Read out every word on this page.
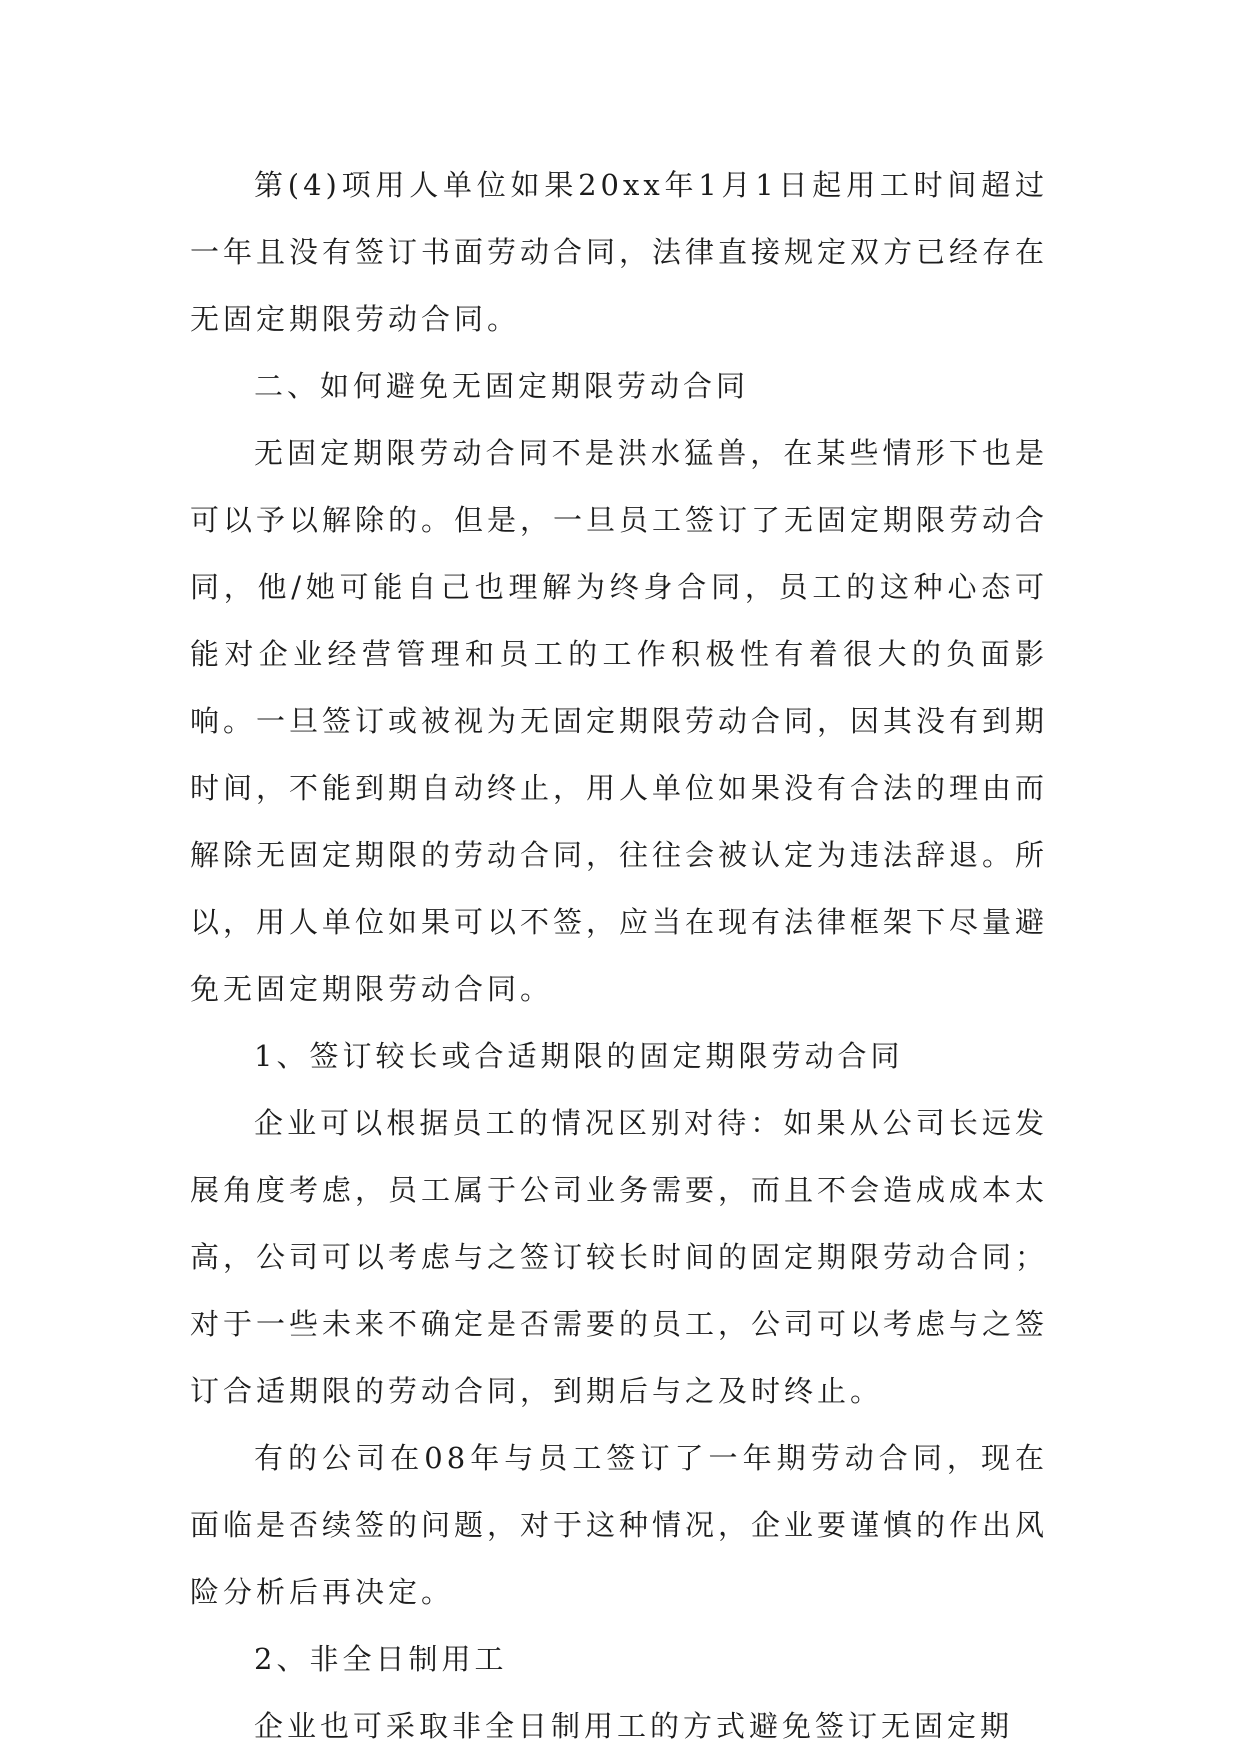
第(4)项用人单位如果20xx年1月1日起用工时间超过一年且没有签订书面劳动合同，法律直接规定双方已经存在无固定期限劳动合同。

二、如何避免无固定期限劳动合同

无固定期限劳动合同不是洪水猛兽，在某些情形下也是可以予以解除的。但是，一旦员工签订了无固定期限劳动合同，他/她可能自己也理解为终身合同，员工的这种心态可能对企业经营管理和员工的工作积极性有着很大的负面影响。一旦签订或被视为无固定期限劳动合同，因其没有到期时间，不能到期自动终止，用人单位如果没有合法的理由而解除无固定期限的劳动合同，往往会被认定为违法辞退。所以，用人单位如果可以不签，应当在现有法律框架下尽量避免无固定期限劳动合同。

1、签订较长或合适期限的固定期限劳动合同

企业可以根据员工的情况区别对待：如果从公司长远发展角度考虑，员工属于公司业务需要，而且不会造成成本太高，公司可以考虑与之签订较长时间的固定期限劳动合同；对于一些未来不确定是否需要的员工，公司可以考虑与之签订合适期限的劳动合同，到期后与之及时终止。

有的公司在08年与员工签订了一年期劳动合同，现在面临是否续签的问题，对于这种情况，企业要谨慎的作出风险分析后再决定。

2、非全日制用工

企业也可采取非全日制用工的方式避免签订无固定期
